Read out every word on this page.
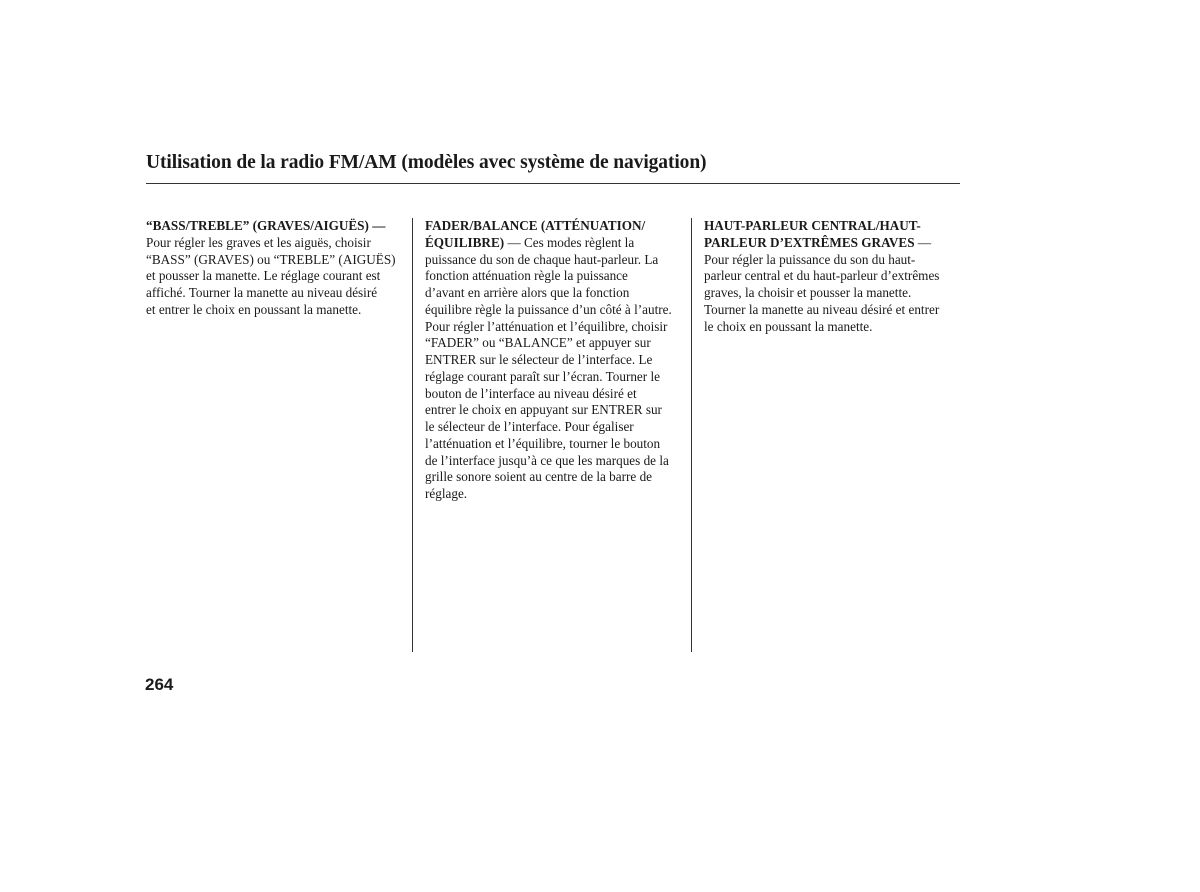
Utilisation de la radio FM/AM (modèles avec système de navigation)

“BASS/TREBLE” (GRAVES/AIGUËS) —

Pour régler les graves et les aiguës, choisir

“BASS” (GRAVES) ou “TREBLE” (AIGUËS)

et pousser la manette. Le réglage courant est

affiché. Tourner la manette au niveau désiré

et entrer le choix en poussant la manette.

FADER/BALANCE (ATTÉNUATION/

ÉQUILIBRE) — Ces modes règlent la

puissance du son de chaque haut-parleur. La

fonction atténuation règle la puissance

d’avant en arrière alors que la fonction

équilibre règle la puissance d’un côté à l’autre.

Pour régler l’atténuation et l’équilibre, choisir

“FADER” ou “BALANCE” et appuyer sur

ENTRER sur le sélecteur de l’interface. Le

réglage courant paraît sur l’écran. Tourner le

bouton de l’interface au niveau désiré et

entrer le choix en appuyant sur ENTRER sur

le sélecteur de l’interface. Pour égaliser

l’atténuation et l’équilibre, tourner le bouton

de l’interface jusqu’à ce que les marques de la

grille sonore soient au centre de la barre de

réglage.

HAUT-PARLEUR CENTRAL/HAUT-

PARLEUR D’EXTRÊMES GRAVES —

Pour régler la puissance du son du haut-

parleur central et du haut-parleur d’extrêmes

graves, la choisir et pousser la manette.

Tourner la manette au niveau désiré et entrer

le choix en poussant la manette.

264
